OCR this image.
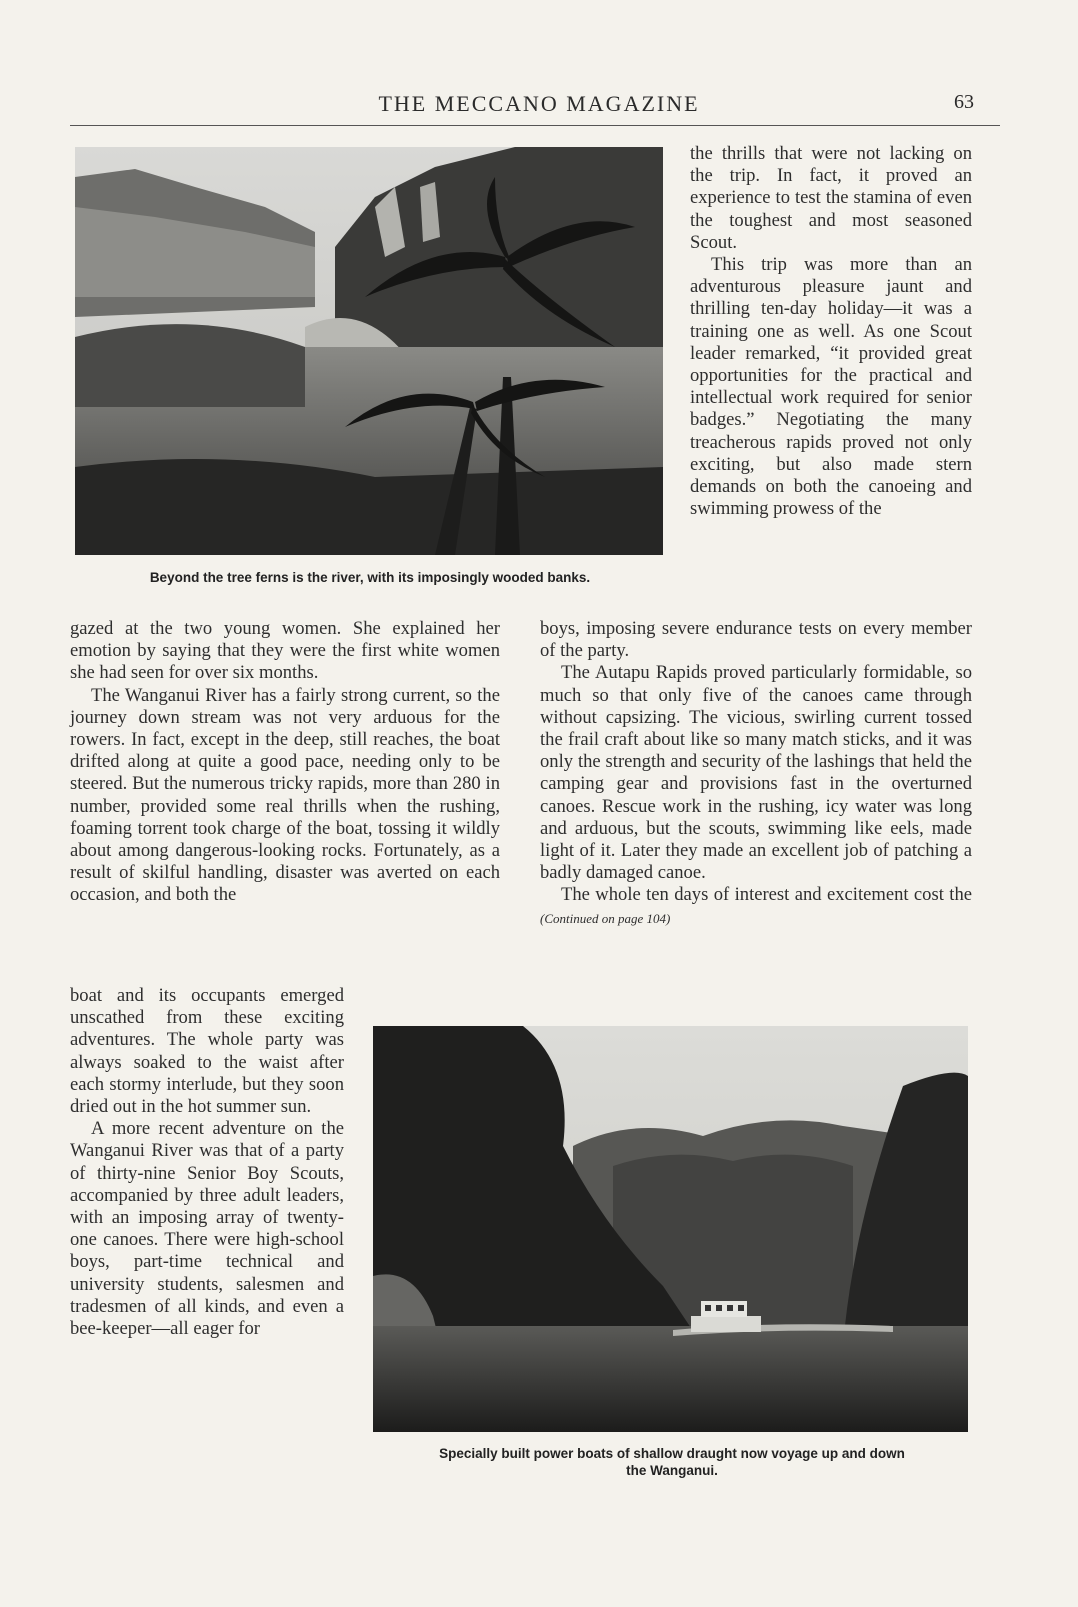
THE MECCANO MAGAZINE	63
Beyond the tree ferns is the river, with its imposingly wooded banks.

the thrills that were not lacking on the trip. In fact, it proved an experience to test the stamina of even the toughest and most seasoned Scout.

This trip was more than an adventurous pleasure jaunt and thrilling ten-day holiday—it was a training one as well. As one Scout leader remarked, “it provided great opportunities for the practical and intellectual work required for senior badges.” Negotiating the many treacherous rapids proved not only exciting, but also made stern demands on both the canoeing and swimming prowess of the

gazed at the two young women. She explained her emotion by saying that they were the first white women she had seen for over six months.

The Wanganui River has a fairly strong current, so the journey down stream was not very arduous for the rowers. In fact, except in the deep, still reaches, the boat drifted along at quite a good pace, needing only to be steered. But the numerous tricky rapids, more than 280 in number, provided some real thrills when the rushing, foaming torrent took charge of the boat, tossing it wildly about among dangerous-looking rocks. Fortunately, as a result of skilful handling, disaster was averted on each occasion, and both the

boys, imposing severe endurance tests on every member of the party.

The Autapu Rapids proved particularly formidable, so much so that only five of the canoes came through without capsizing. The vicious, swirling current tossed the frail craft about like so many match sticks, and it was only the strength and security of the lashings that held the camping gear and provisions fast in the overturned canoes. Rescue work in the rushing, icy water was long and arduous, but the scouts, swimming like eels, made light of it. Later they made an excellent job of patching a badly damaged canoe.

The whole ten days of interest and excitement cost the (Continued on page 104)

boat and its occupants emerged unscathed from these exciting adventures. The whole party was always soaked to the waist after each stormy interlude, but they soon dried out in the hot summer sun.

A more recent adventure on the Wanganui River was that of a party of thirty-nine Senior Boy Scouts, accompanied by three adult leaders, with an imposing array of twenty-one canoes. There were high-school boys, part-time technical and university students, salesmen and tradesmen of all kinds, and even a bee-keeper—all eager for

Specially built power boats of shallow draught now voyage up and down
the Wanganui.
